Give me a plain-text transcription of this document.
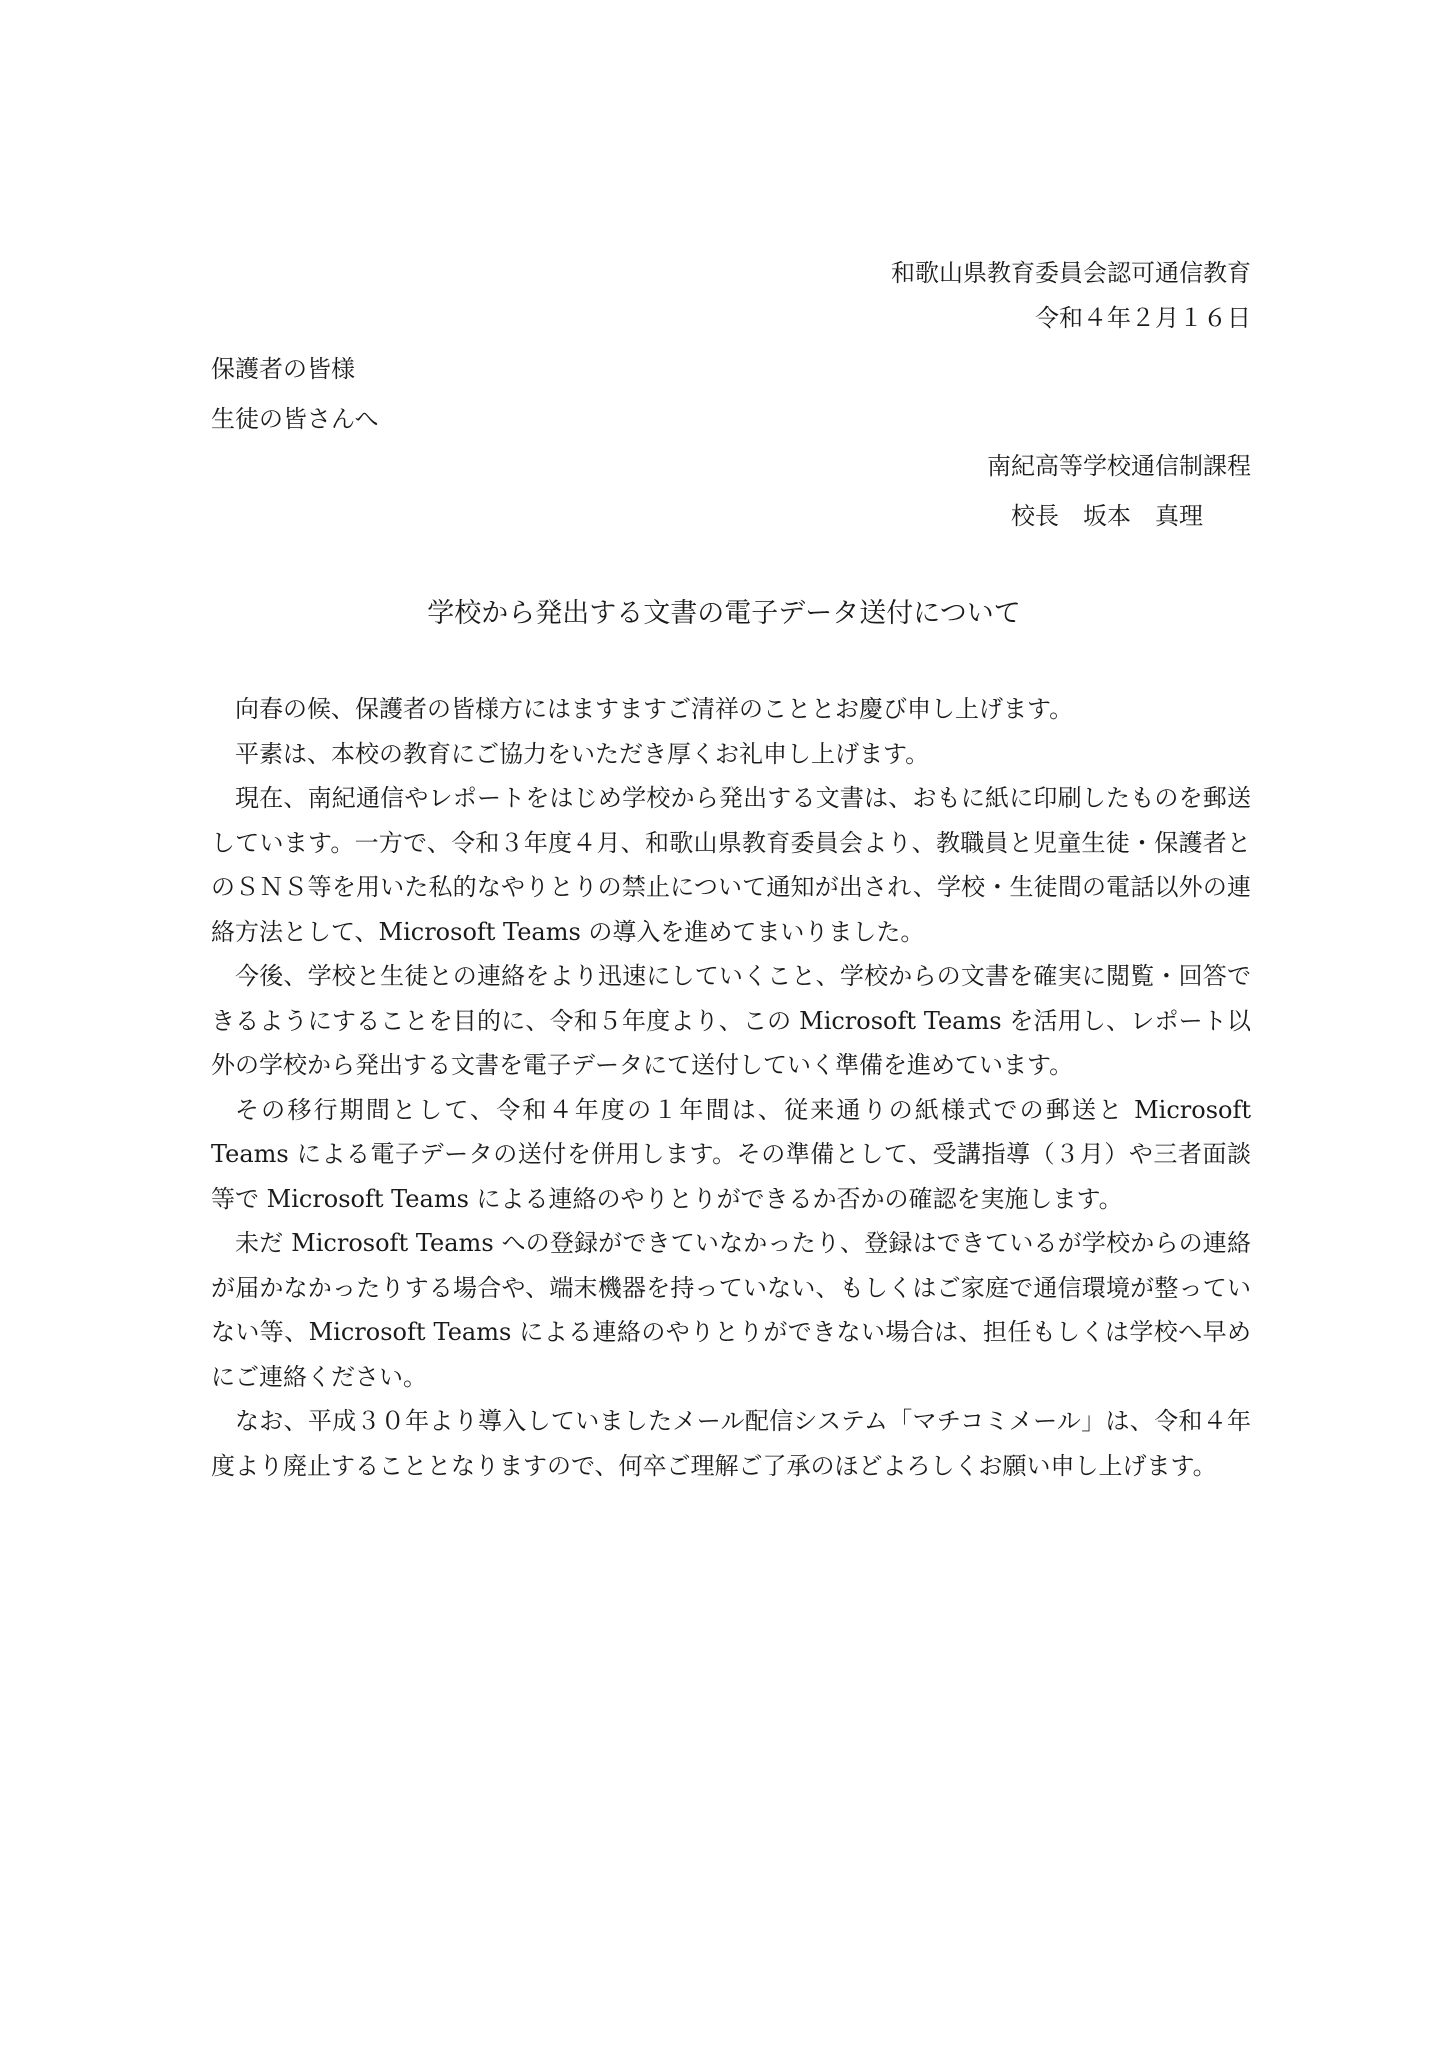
和歌山県教育委員会認可通信教育
令和４年２月１６日
保護者の皆様
生徒の皆さんへ
南紀高等学校通信制課程
校長　坂本　真理
学校から発出する文書の電子データ送付について

向春の候、保護者の皆様方にはますますご清祥のこととお慶び申し上げます。

平素は、本校の教育にご協力をいただき厚くお礼申し上げます。

現在、南紀通信やレポートをはじめ学校から発出する文書は、おもに紙に印刷したものを郵送しています。一方で、令和３年度４月、和歌山県教育委員会より、教職員と児童生徒・保護者とのＳＮＳ等を用いた私的なやりとりの禁止について通知が出され、学校・生徒間の電話以外の連絡方法として、Microsoft Teams の導入を進めてまいりました。

今後、学校と生徒との連絡をより迅速にしていくこと、学校からの文書を確実に閲覧・回答できるようにすることを目的に、令和５年度より、この Microsoft Teams を活用し、レポート以外の学校から発出する文書を電子データにて送付していく準備を進めています。

その移行期間として、令和４年度の１年間は、従来通りの紙様式での郵送と Microsoft Teams による電子データの送付を併用します。その準備として、受講指導（３月）や三者面談等で Microsoft Teams による連絡のやりとりができるか否かの確認を実施します。

未だ Microsoft Teams への登録ができていなかったり、登録はできているが学校からの連絡が届かなかったりする場合や、端末機器を持っていない、もしくはご家庭で通信環境が整っていない等、Microsoft Teams による連絡のやりとりができない場合は、担任もしくは学校へ早めにご連絡ください。

なお、平成３０年より導入していましたメール配信システム「マチコミメール」は、令和４年度より廃止することとなりますので、何卒ご理解ご了承のほどよろしくお願い申し上げます。
